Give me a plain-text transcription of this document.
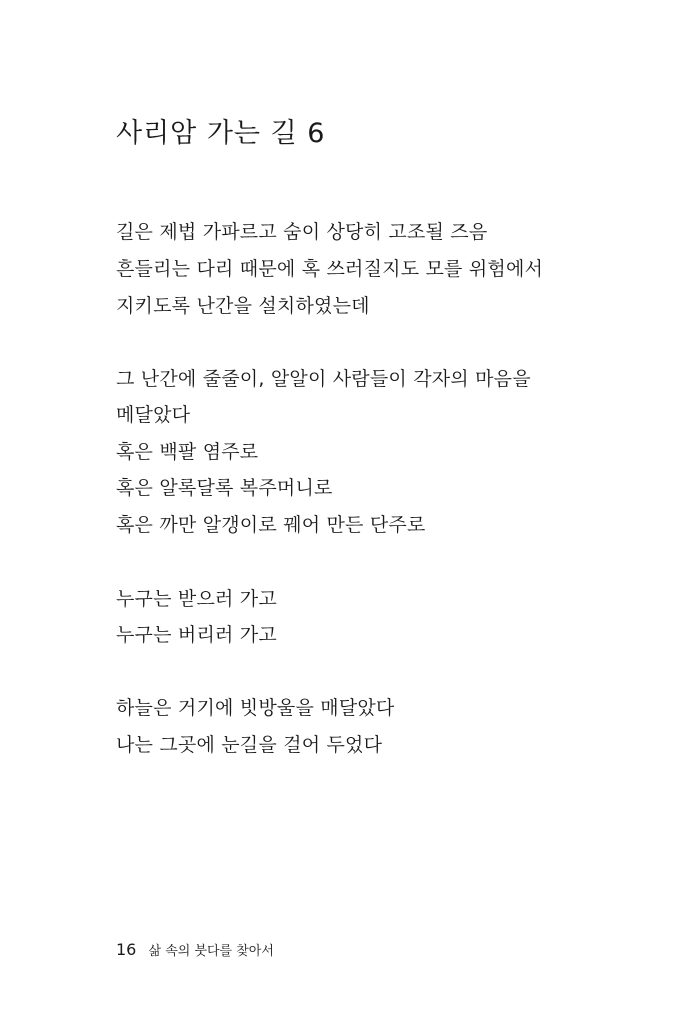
사리암 가는 길 6
길은 제법 가파르고 숨이 상당히 고조될 즈음
흔들리는 다리 때문에 혹 쓰러질지도 모를 위험에서
지키도록 난간을 설치하였는데
그 난간에 줄줄이, 알알이 사람들이 각자의 마음을
메달았다
혹은 백팔 염주로
혹은 알록달록 복주머니로
혹은 까만 알갱이로 꿰어 만든 단주로
누구는 받으러 가고
누구는 버리러 가고
하늘은 거기에 빗방울을 매달았다
나는 그곳에 눈길을 걸어 두었다
16 삶 속의 붓다를 찾아서
